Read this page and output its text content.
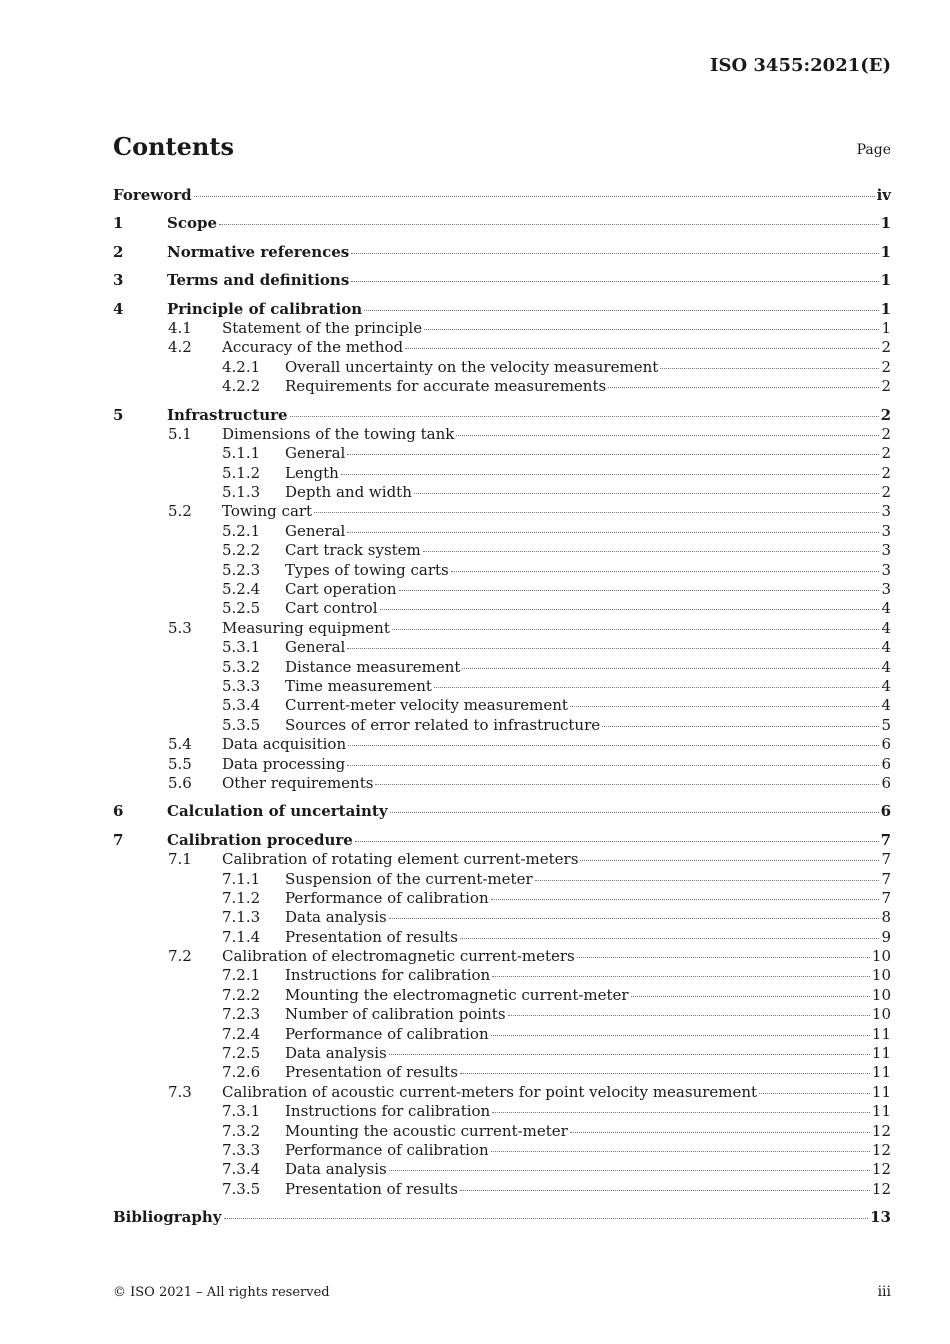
ISO 3455:2021(E)
Contents	Page
Foreword	iv
1	Scope	1
2	Normative references	1
3	Terms and definitions	1
4	Principle of calibration	1
4.1 Statement of the principle	1
4.2 Accuracy of the method	2
4.2.1 Overall uncertainty on the velocity measurement	2
4.2.2 Requirements for accurate measurements	2
5	Infrastructure	2
5.1 Dimensions of the towing tank	2
5.1.1 General	2
5.1.2 Length	2
5.1.3 Depth and width	2
5.2 Towing cart	3
5.2.1 General	3
5.2.2 Cart track system	3
5.2.3 Types of towing carts	3
5.2.4 Cart operation	3
5.2.5 Cart control	4
5.3 Measuring equipment	4
5.3.1 General	4
5.3.2 Distance measurement	4
5.3.3 Time measurement	4
5.3.4 Current-meter velocity measurement	4
5.3.5 Sources of error related to infrastructure	5
5.4 Data acquisition	6
5.5 Data processing	6
5.6 Other requirements	6
6	Calculation of uncertainty	6
7	Calibration procedure	7
7.1 Calibration of rotating element current-meters	7
7.1.1 Suspension of the current-meter	7
7.1.2 Performance of calibration	7
7.1.3 Data analysis	8
7.1.4 Presentation of results	9
7.2 Calibration of electromagnetic current-meters	10
7.2.1 Instructions for calibration	10
7.2.2 Mounting the electromagnetic current-meter	10
7.2.3 Number of calibration points	10
7.2.4 Performance of calibration	11
7.2.5 Data analysis	11
7.2.6 Presentation of results	11
7.3 Calibration of acoustic current-meters for point velocity measurement	11
7.3.1 Instructions for calibration	11
7.3.2 Mounting the acoustic current-meter	12
7.3.3 Performance of calibration	12
7.3.4 Data analysis	12
7.3.5 Presentation of results	12
Bibliography	13
© ISO 2021 – All rights reserved	iii
